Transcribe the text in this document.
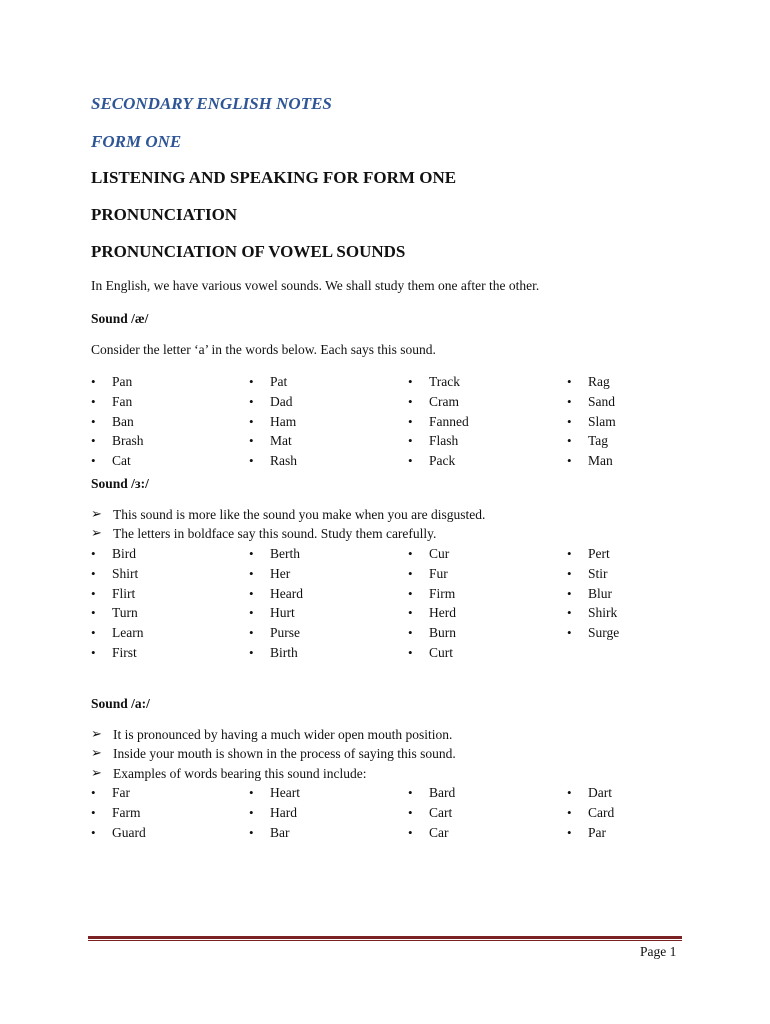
SECONDARY ENGLISH NOTES
FORM ONE
LISTENING AND SPEAKING FOR FORM ONE
PRONUNCIATION
PRONUNCIATION OF VOWEL SOUNDS
In English, we have various vowel sounds. We shall study them one after the other.
Sound /æ/
Consider the letter ‘a’ in the words below. Each says this sound.
• Pan
• Fan
• Ban
• Brash
• Cat
• Pat
• Dad
• Ham
• Mat
• Rash
• Track
• Cram
• Fanned
• Flash
• Pack
• Rag
• Sand
• Slam
• Tag
• Man
Sound /ɜ:/
➢ This sound is more like the sound you make when you are disgusted.
➢ The letters in boldface say this sound. Study them carefully.
• Bird
• Shirt
• Flirt
• Turn
• Learn
• First
• Berth
• Her
• Heard
• Hurt
• Purse
• Birth
• Cur
• Fur
• Firm
• Herd
• Burn
• Curt
• Pert
• Stir
• Blur
• Shirk
• Surge
Sound /a:/
➢ It is pronounced by having a much wider open mouth position.
➢ Inside your mouth is shown in the process of saying this sound.
➢ Examples of words bearing this sound include:
• Far
• Farm
• Guard
• Heart
• Hard
• Bar
• Bard
• Cart
• Car
• Dart
• Card
• Par
Page 1
